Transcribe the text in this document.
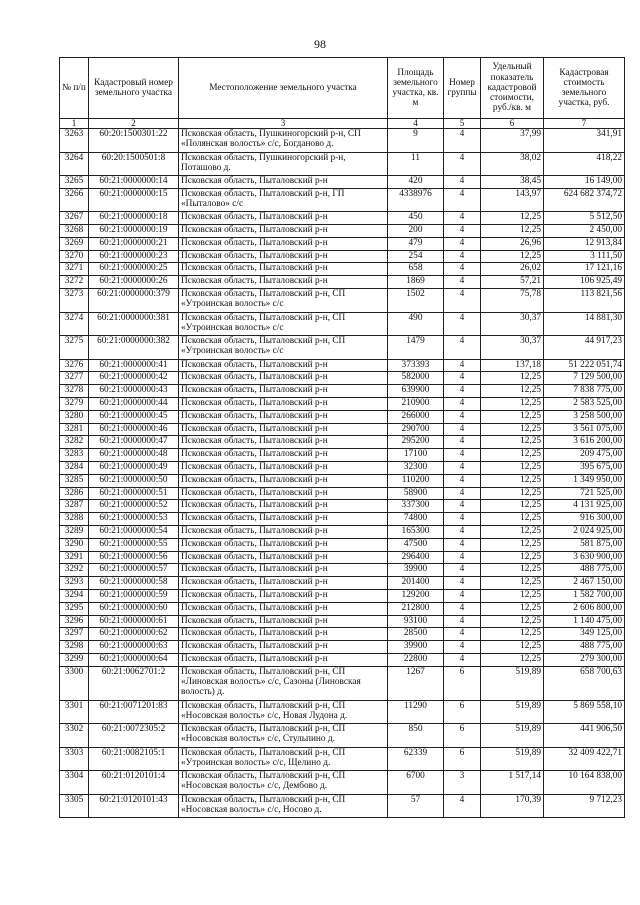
98
№ п/п	Кадастровый номер земельного участка	Местоположение земельного участка	Площадь земельного участка, кв. м	Номер группы	Удельный показатель кадастровой стоимости, руб./кв. м	Кадастровая стоимость земельного участка, руб.
1	2	3	4	5	6	7
3263	60:20:1500301:22	Псковская область, Пушкиногорский р-н, СП «Полянская волость» с/с, Богданово д.	9	4	37,99	341,91
3264	60:20:1500501:8	Псковская область, Пушкиногорский р-н, Поташово д.	11	4	38,02	418,22
3265	60:21:0000000:14	Псковская область, Пыталовский р-н	420	4	38,45	16 149,00
3266	60:21:0000000:15	Псковская область, Пыталовский р-н, ГП «Пыталово» с/с	4338976	4	143,97	624 682 374,72
3267	60:21:0000000:18	Псковская область, Пыталовский р-н	450	4	12,25	5 512,50
3268	60:21:0000000:19	Псковская область, Пыталовский р-н	200	4	12,25	2 450,00
3269	60:21:0000000:21	Псковская область, Пыталовский р-н	479	4	26,96	12 913,84
3270	60:21:0000000:23	Псковская область, Пыталовский р-н	254	4	12,25	3 111,50
3271	60:21:0000000:25	Псковская область, Пыталовский р-н	658	4	26,02	17 121,16
3272	60:21:0000000:26	Псковская область, Пыталовский р-н	1869	4	57,21	106 925,49
3273	60:21:0000000:379	Псковская область, Пыталовский р-н, СП «Утроинская волость» с/с	1502	4	75,78	113 821,56
3274	60:21:0000000:381	Псковская область, Пыталовский р-н, СП «Утроинская волость» с/с	490	4	30,37	14 881,30
3275	60:21:0000000:382	Псковская область, Пыталовский р-н, СП «Утроинская волость» с/с	1479	4	30,37	44 917,23
3276	60:21:0000000:41	Псковская область, Пыталовский р-н	373393	4	137,18	51 222 051,74
3277	60:21:0000000:42	Псковская область, Пыталовский р-н	582000	4	12,25	7 129 500,00
3278	60:21:0000000:43	Псковская область, Пыталовский р-н	639900	4	12,25	7 838 775,00
3279	60:21:0000000:44	Псковская область, Пыталовский р-н	210900	4	12,25	2 583 525,00
3280	60:21:0000000:45	Псковская область, Пыталовский р-н	266000	4	12,25	3 258 500,00
3281	60:21:0000000:46	Псковская область, Пыталовский р-н	290700	4	12,25	3 561 075,00
3282	60:21:0000000:47	Псковская область, Пыталовский р-н	295200	4	12,25	3 616 200,00
3283	60:21:0000000:48	Псковская область, Пыталовский р-н	17100	4	12,25	209 475,00
3284	60:21:0000000:49	Псковская область, Пыталовский р-н	32300	4	12,25	395 675,00
3285	60:21:0000000:50	Псковская область, Пыталовский р-н	110200	4	12,25	1 349 950,00
3286	60:21:0000000:51	Псковская область, Пыталовский р-н	58900	4	12,25	721 525,00
3287	60:21:0000000:52	Псковская область, Пыталовский р-н	337300	4	12,25	4 131 925,00
3288	60:21:0000000:53	Псковская область, Пыталовский р-н	74800	4	12,25	916 300,00
3289	60:21:0000000:54	Псковская область, Пыталовский р-н	165300	4	12,25	2 024 925,00
3290	60:21:0000000:55	Псковская область, Пыталовский р-н	47500	4	12,25	581 875,00
3291	60:21:0000000:56	Псковская область, Пыталовский р-н	296400	4	12,25	3 630 900,00
3292	60:21:0000000:57	Псковская область, Пыталовский р-н	39900	4	12,25	488 775,00
3293	60:21:0000000:58	Псковская область, Пыталовский р-н	201400	4	12,25	2 467 150,00
3294	60:21:0000000:59	Псковская область, Пыталовский р-н	129200	4	12,25	1 582 700,00
3295	60:21:0000000:60	Псковская область, Пыталовский р-н	212800	4	12,25	2 606 800,00
3296	60:21:0000000:61	Псковская область, Пыталовский р-н	93100	4	12,25	1 140 475,00
3297	60:21:0000000:62	Псковская область, Пыталовский р-н	28500	4	12,25	349 125,00
3298	60:21:0000000:63	Псковская область, Пыталовский р-н	39900	4	12,25	488 775,00
3299	60:21:0000000:64	Псковская область, Пыталовский р-н	22800	4	12,25	279 300,00
3300	60:21:0062701:2	Псковская область, Пыталовский р-н, СП «Линовская волость» с/с, Сазоны (Линовская волость) д.	1267	6	519,89	658 700,63
3301	60:21:0071201:83	Псковская область, Пыталовский р-н, СП «Носовская волость» с/с, Новая Лудона д.	11290	6	519,89	5 869 558,10
3302	60:21:0072305:2	Псковская область, Пыталовский р-н, СП «Носовская волость» с/с, Стульпино д.	850	6	519,89	441 906,50
3303	60:21:0082105:1	Псковская область, Пыталовский р-н, СП «Утроинская волость» с/с, Щелино д.	62339	6	519,89	32 409 422,71
3304	60:21:0120101:4	Псковская область, Пыталовский р-н, СП «Носовская волость» с/с, Дембово д.	6700	3	1 517,14	10 164 838,00
3305	60:21:0120101:43	Псковская область, Пыталовский р-н, СП «Носовская волость» с/с, Носово д.	57	4	170,39	9 712,23
